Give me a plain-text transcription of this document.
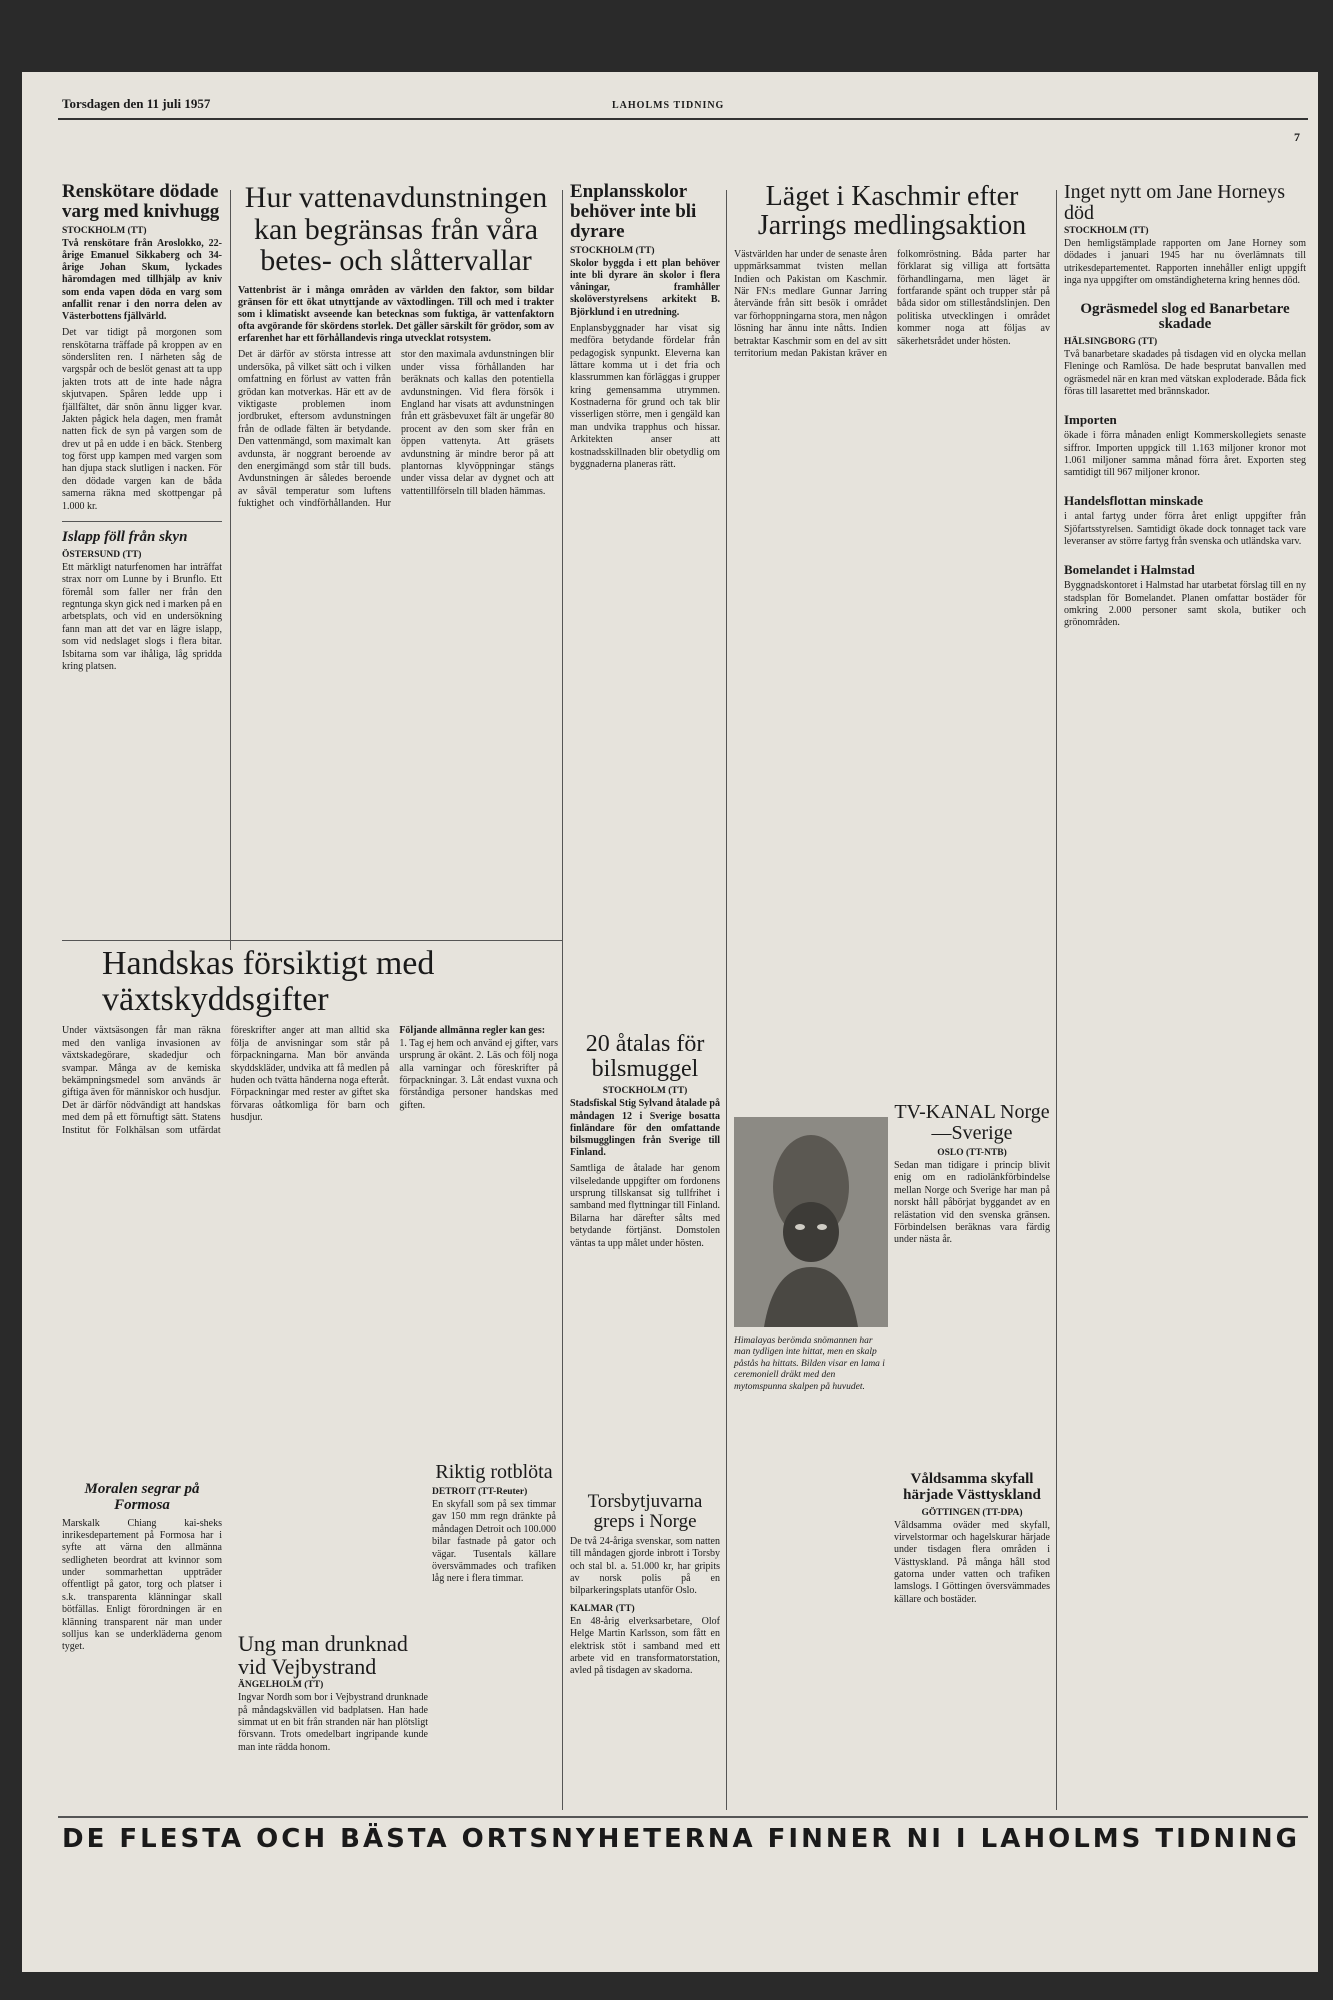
Torsdagen den 11 juli 1957	LAHOLMS TIDNING
7
Renskötare dödade varg med knivhugg
STOCKHOLM (TT)

Två renskötare från Aroslokko, 22-årige Emanuel Sikkaberg och 34-årige Johan Skum, lyckades häromdagen med tillhjälp av kniv som enda vapen döda en varg som anfallit renar i den norra delen av Västerbottens fjällvärld.

Det var tidigt på morgonen som renskötarna träffade på kroppen av en söndersliten ren. I närheten såg de vargspår och de beslöt genast att ta upp jakten trots att de inte hade några skjutvapen. Spåren ledde upp i fjällfältet, där snön ännu ligger kvar. Jakten pågick hela dagen, men framåt natten fick de syn på vargen som de drev ut på en udde i en bäck. Stenberg tog först upp kampen med vargen som han djupa stack slutligen i nacken. För den dödade vargen kan de båda samerna räkna med skottpengar på 1.000 kr.

Islapp föll från skyn
ÖSTERSUND (TT)

Ett märkligt naturfenomen har inträffat strax norr om Lunne by i Brunflo. Ett föremål som faller ner från den regntunga skyn gick ned i marken på en arbetsplats, och vid en undersökning fann man att det var en lägre islapp, som vid nedslaget slogs i flera bitar. Isbitarna som var ihåliga, låg spridda kring platsen.

Hur vattenavdunstningen kan begränsas från våra betes- och slåttervallar

Vattenbrist är i många områden av världen den faktor, som bildar gränsen för ett ökat utnyttjande av växtodlingen. Till och med i trakter som i klimatiskt avseende kan betecknas som fuktiga, är vattenfaktorn ofta avgörande för skördens storlek. Det gäller särskilt för grödor, som av erfarenhet har ett förhållandevis ringa utvecklat rotsystem.

Det är därför av största intresse att undersöka, på vilket sätt och i vilken omfattning en förlust av vatten från grödan kan motverkas. Här ett av de viktigaste problemen inom jordbruket, eftersom avdunstningen från de odlade fälten är betydande. Den vattenmängd, som maximalt kan avdunsta, är noggrant beroende av den energimängd som står till buds. Avdunstningen är således beroende av såväl temperatur som luftens fuktighet och vindförhållanden. Hur stor den maximala avdunstningen blir under vissa förhållanden har beräknats och kallas den potentiella avdunstningen. Vid flera försök i England har visats att avdunstningen från ett gräsbevuxet fält är ungefär 80 procent av den som sker från en öppen vattenyta. Att gräsets avdunstning är mindre beror på att plantornas klyvöppningar stängs under vissa delar av dygnet och att vattentillförseln till bladen hämmas.

Handskas försiktigt med växtskyddsgifter

Under växtsäsongen får man räkna med den vanliga invasionen av växtskadegörare, skadedjur och svampar. Många av de kemiska bekämpningsmedel som används är giftiga även för människor och husdjur. Det är därför nödvändigt att handskas med dem på ett förnuftigt sätt. Statens Institut för Folkhälsan som utfärdat föreskrifter anger att man alltid ska följa de anvisningar som står på förpackningarna. Man bör använda skyddskläder, undvika att få medlen på huden och tvätta händerna noga efteråt. Förpackningar med rester av giftet ska förvaras oåtkomliga för barn och husdjur.

Följande allmänna regler kan ges:

1. Tag ej hem och använd ej gifter, vars ursprung är okänt. 2. Läs och följ noga alla varningar och föreskrifter på förpackningar. 3. Låt endast vuxna och förståndiga personer handskas med giften.

Moralen segrar på Formosa

Marskalk Chiang kai-sheks inrikesdepartement på Formosa har i syfte att värna den allmänna sedligheten beordrat att kvinnor som under sommarhettan uppträder offentligt på gator, torg och platser i s.k. transparenta klänningar skall bötfällas. Enligt förordningen är en klänning transparent när man under solljus kan se underkläderna genom tyget.	Ung man drunknad vid Vejbystrand
ÄNGELHOLM (TT)

Ingvar Nordh som bor i Vejbystrand drunknade på måndagskvällen vid badplatsen. Han hade simmat ut en bit från stranden när han plötsligt försvann. Trots omedelbart ingripande kunde man inte rädda honom.

Riktig rotblöta
DETROIT (TT-Reuter)

En skyfall som på sex timmar gav 150 mm regn dränkte på måndagen Detroit och 100.000 bilar fastnade på gator och vägar. Tusentals källare översvämmades och trafiken låg nere i flera timmar.

Enplansskolor behöver inte bli dyrare
STOCKHOLM (TT)

Skolor byggda i ett plan behöver inte bli dyrare än skolor i flera våningar, framhåller skolöverstyrelsens arkitekt B. Björklund i en utredning.

Enplansbyggnader har visat sig medföra betydande fördelar från pedagogisk synpunkt. Eleverna kan lättare komma ut i det fria och klassrummen kan förläggas i grupper kring gemensamma utrymmen. Kostnaderna för grund och tak blir visserligen större, men i gengäld kan man undvika trapphus och hissar. Arkitekten anser att kostnadsskillnaden blir obetydlig om byggnaderna planeras rätt.

20 åtalas för bilsmuggel
STOCKHOLM (TT)

Stadsfiskal Stig Sylvand åtalade på måndagen 12 i Sverige bosatta finländare för den omfattande bilsmugglingen från Sverige till Finland.

Samtliga de åtalade har genom vilseledande uppgifter om fordonens ursprung tillskansat sig tullfrihet i samband med flyttningar till Finland. Bilarna har därefter sålts med betydande förtjänst. Domstolen väntas ta upp målet under hösten.

Torsbytjuvarna greps i Norge

De två 24-åriga svenskar, som natten till måndagen gjorde inbrott i Torsby och stal bl. a. 51.000 kr, har gripits av norsk polis på en bilparkeringsplats utanför Oslo.

KALMAR (TT)

En 48-årig elverksarbetare, Olof Helge Martin Karlsson, som fått en elektrisk stöt i samband med ett arbete vid en transformatorstation, avled på tisdagen av skadorna.

Läget i Kaschmir efter Jarrings medlingsaktion

Västvärlden har under de senaste åren uppmärksammat tvisten mellan Indien och Pakistan om Kaschmir. När FN:s medlare Gunnar Jarring återvände från sitt besök i området var förhoppningarna stora, men någon lösning har ännu inte nåtts. Indien betraktar Kaschmir som en del av sitt territorium medan Pakistan kräver en folkomröstning. Båda parter har förklarat sig villiga att fortsätta förhandlingarna, men läget är fortfarande spänt och trupper står på båda sidor om stilleståndslinjen. Den politiska utvecklingen i området kommer noga att följas av säkerhetsrådet under hösten.

Himalayas berömda snömannen har man tydligen inte hittat, men en skalp påstås ha hittats. Bilden visar en lama i ceremoniell dräkt med den mytomspunna skalpen på huvudet.

TV-KANAL Norge—Sverige
OSLO (TT-NTB)

Sedan man tidigare i princip blivit enig om en radiolänkförbindelse mellan Norge och Sverige har man på norskt håll påbörjat byggandet av en relästation vid den svenska gränsen. Förbindelsen beräknas vara färdig under nästa år.

Våldsamma skyfall härjade Västtyskland
GÖTTINGEN (TT-DPA)

Våldsamma oväder med skyfall, virvelstormar och hagelskurar härjade under tisdagen flera områden i Västtyskland. På många håll stod gatorna under vatten och trafiken lamslogs. I Göttingen översvämmades källare och bostäder.

Inget nytt om Jane Horneys död
STOCKHOLM (TT)

Den hemligstämplade rapporten om Jane Horney som dödades i januari 1945 har nu överlämnats till utrikesdepartementet. Rapporten innehåller enligt uppgift inga nya uppgifter om omständigheterna kring hennes död.

Ogräsmedel slog ed Banarbetare skadade
HÄLSINGBORG (TT)

Två banarbetare skadades på tisdagen vid en olycka mellan Fleninge och Ramlösa. De hade besprutat banvallen med ogräsmedel när en kran med vätskan exploderade. Båda fick föras till lasarettet med brännskador.

Importen

ökade i förra månaden enligt Kommerskollegiets senaste siffror. Importen uppgick till 1.163 miljoner kronor mot 1.061 miljoner samma månad förra året. Exporten steg samtidigt till 967 miljoner kronor.

Handelsflottan minskade

i antal fartyg under förra året enligt uppgifter från Sjöfartsstyrelsen. Samtidigt ökade dock tonnaget tack vare leveranser av större fartyg från svenska och utländska varv.

Bomelandet i Halmstad

Byggnadskontoret i Halmstad har utarbetat förslag till en ny stadsplan för Bomelandet. Planen omfattar bostäder för omkring 2.000 personer samt skola, butiker och grönområden.

DE FLESTA OCH BÄSTA ORTSNYHETERNA FINNER NI I LAHOLMS TIDNING
